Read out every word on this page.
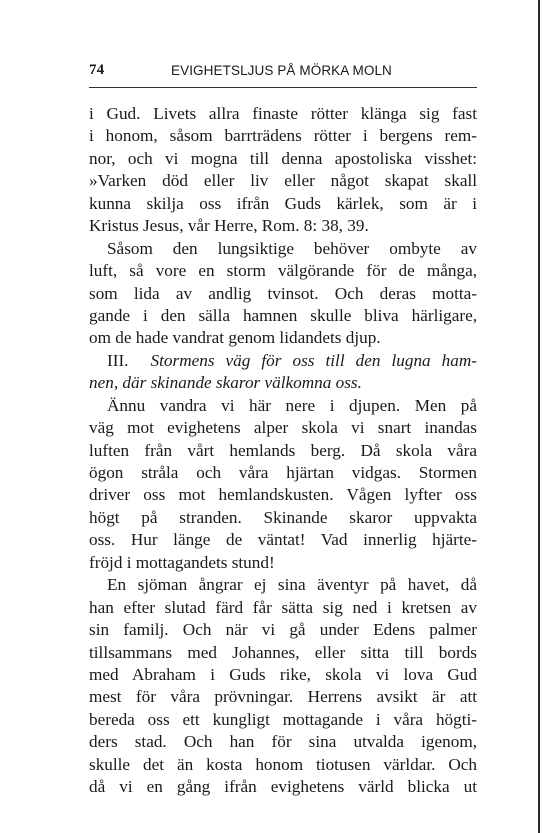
74	EVIGHETSLJUS PÅ MÖRKA MOLN
i Gud. Livets allra finaste rötter klänga sig fast
i honom, såsom barrträdens rötter i bergens rem-
nor, och vi mogna till denna apostoliska visshet:
»Varken död eller liv eller något skapat skall
kunna skilja oss ifrån Guds kärlek, som är i
Kristus Jesus, vår Herre, Rom. 8: 38, 39.
Såsom den lungsiktige behöver ombyte av
luft, så vore en storm välgörande för de många,
som lida av andlig tvinsot. Och deras motta-
gande i den sälla hamnen skulle bliva härligare,
om de hade vandrat genom lidandets djup.
III. Stormens väg för oss till den lugna ham-
nen, där skinande skaror välkomna oss.
Ännu vandra vi här nere i djupen. Men på
väg mot evighetens alper skola vi snart inandas
luften från vårt hemlands berg. Då skola våra
ögon stråla och våra hjärtan vidgas. Stormen
driver oss mot hemlandskusten. Vågen lyfter oss
högt på stranden. Skinande skaror uppvakta
oss. Hur länge de väntat! Vad innerlig hjärte-
fröjd i mottagandets stund!
En sjöman ångrar ej sina äventyr på havet, då
han efter slutad färd får sätta sig ned i kretsen av
sin familj. Och när vi gå under Edens palmer
tillsammans med Johannes, eller sitta till bords
med Abraham i Guds rike, skola vi lova Gud
mest för våra prövningar. Herrens avsikt är att
bereda oss ett kungligt mottagande i våra högti-
ders stad. Och han för sina utvalda igenom,
skulle det än kosta honom tiotusen världar. Och
då vi en gång ifrån evighetens värld blicka ut
